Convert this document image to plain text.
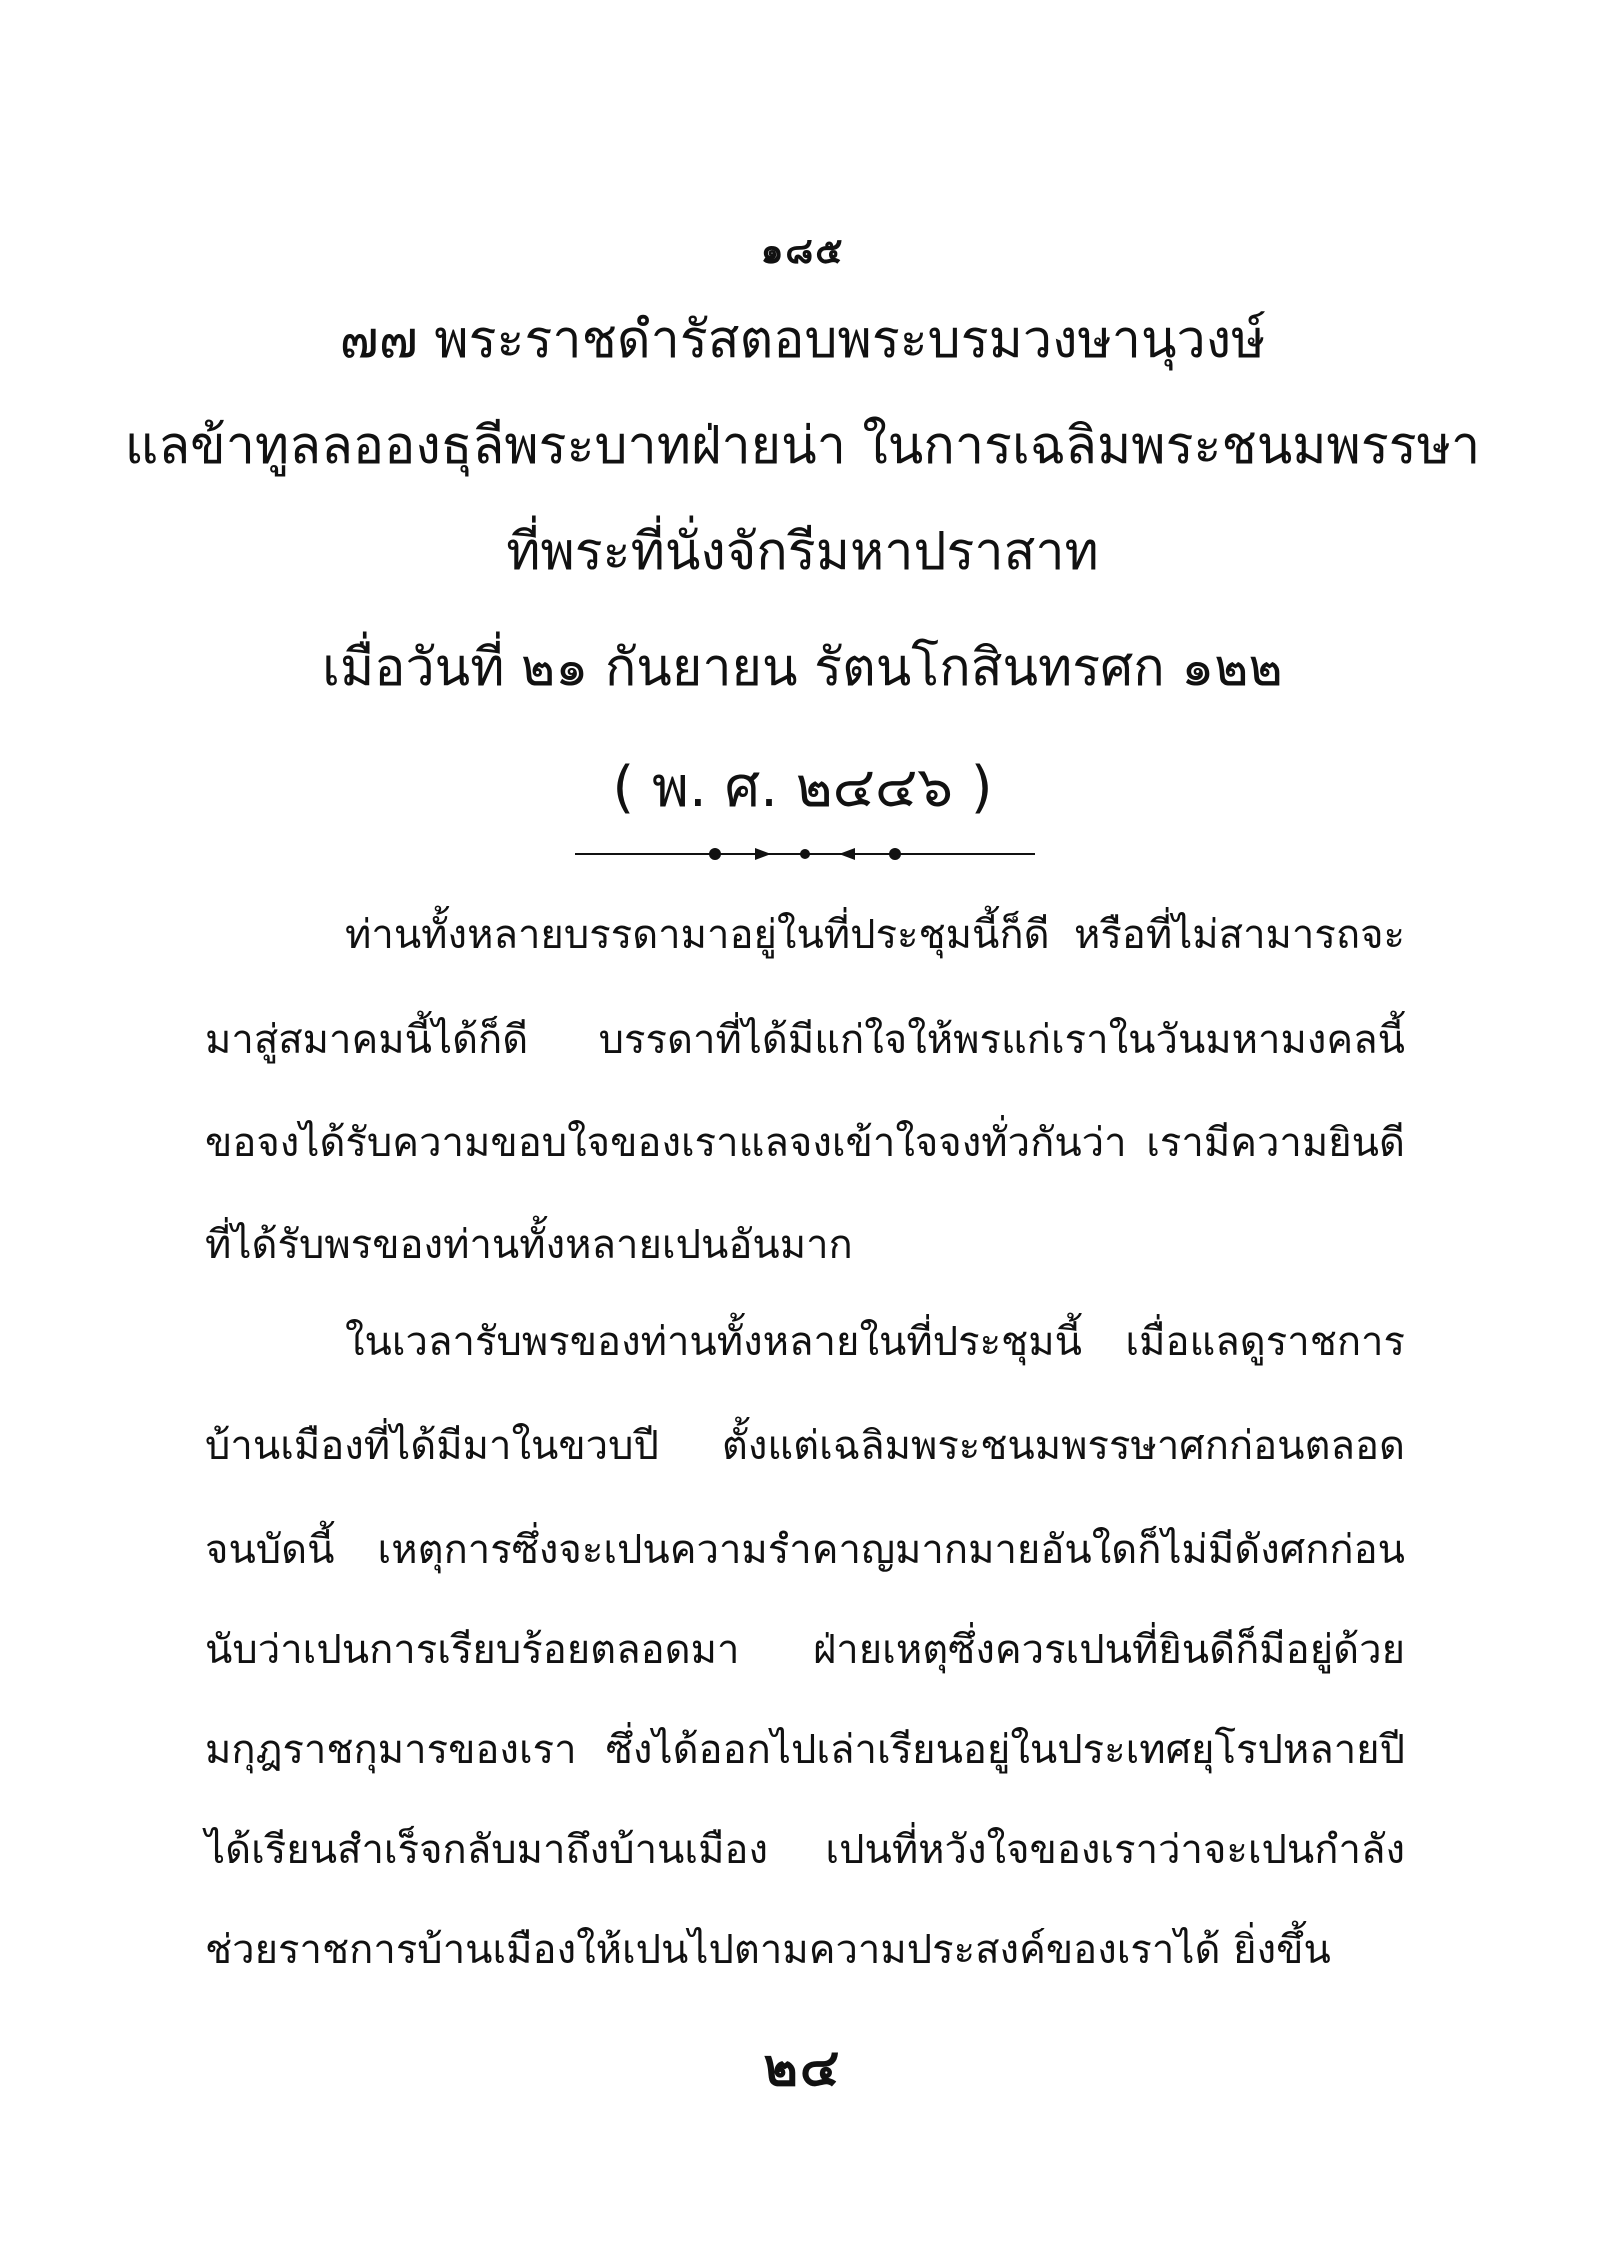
๑๘๕
๗๗ พระราชดำรัสตอบพระบรมวงษานุวงษ์
แลข้าทูลลอองธุลีพระบาทฝ่ายน่า ในการเฉลิมพระชนมพรรษา
ที่พระที่นั่งจักรีมหาปราสาท
เมื่อวันที่ ๒๑ กันยายน รัตนโกสินทรศก ๑๒๒
( พ. ศ. ๒๔๔๖ )
ท่านทั้งหลายบรรดามาอยู่ในที่ประชุมนี้ก็ดี หรือที่ไม่สามารถจะ
มาสู่สมาคมนี้ได้ก็ดี บรรดาที่ได้มีแก่ใจให้พรแก่เราในวันมหามงคลนี้
ขอจงได้รับความขอบใจของเราแลจงเข้าใจจงทั่วกันว่า เรามีความยินดี
ที่ได้รับพรของท่านทั้งหลายเปนอันมาก
ในเวลารับพรของท่านทั้งหลายในที่ประชุมนี้ เมื่อแลดูราชการ
บ้านเมืองที่ได้มีมาในขวบปี ตั้งแต่เฉลิมพระชนมพรรษาศกก่อนตลอด
จนบัดนี้ เหตุการซึ่งจะเปนความรำคาญมากมายอันใดก็ไม่มีดังศกก่อน
นับว่าเปนการเรียบร้อยตลอดมา ฝ่ายเหตุซึ่งควรเปนที่ยินดีก็มีอยู่ด้วย
มกุฎราชกุมารของเรา ซึ่งได้ออกไปเล่าเรียนอยู่ในประเทศยุโรปหลายปี
ได้เรียนสำเร็จกลับมาถึงบ้านเมือง เปนที่หวังใจของเราว่าจะเปนกำลัง
ช่วยราชการบ้านเมืองให้เปนไปตามความประสงค์ของเราได้ ยิ่งขึ้น
๒๔
